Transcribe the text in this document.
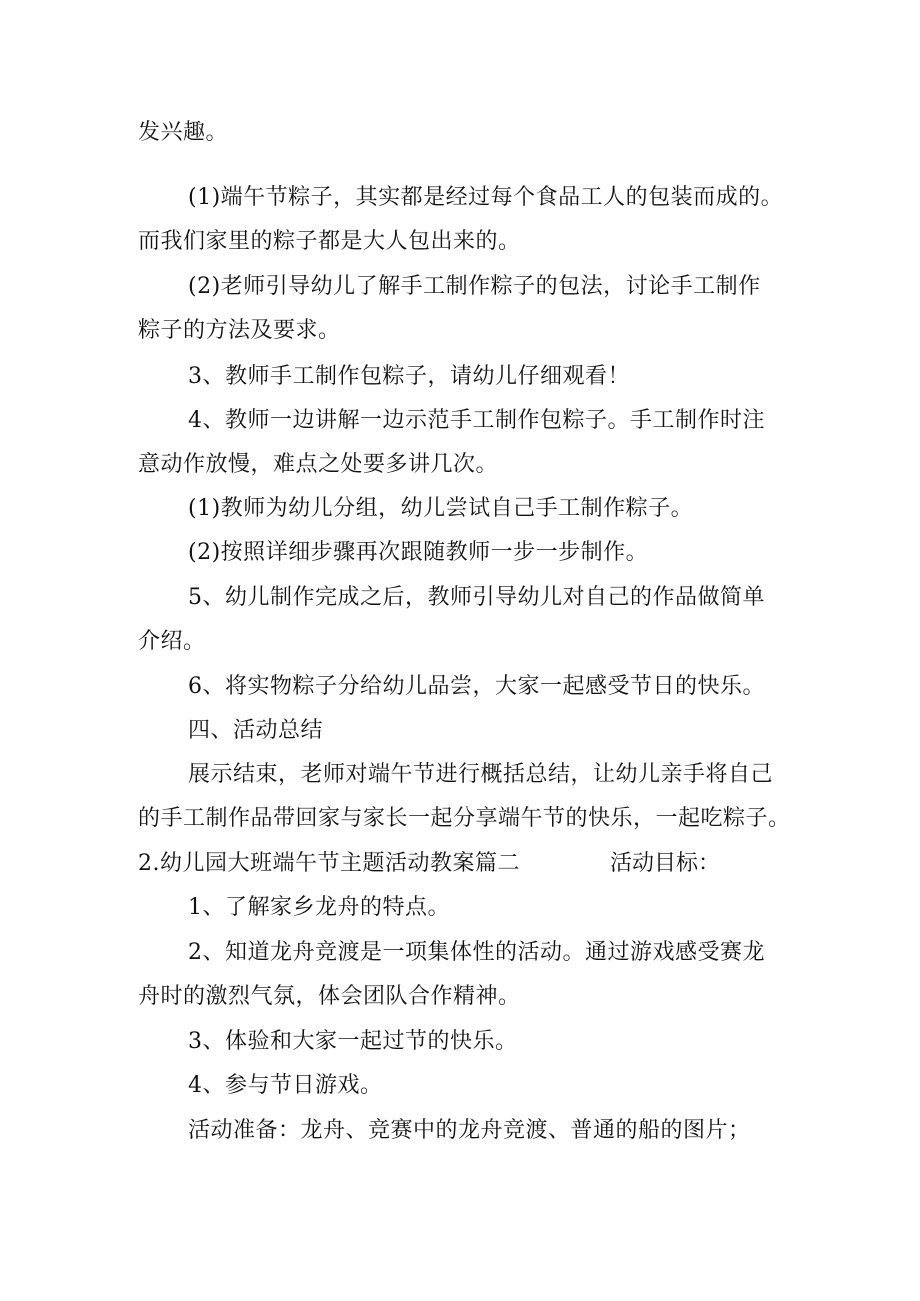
发兴趣。
(1)端午节粽子，其实都是经过每个食品工人的包装而成的。
而我们家里的粽子都是大人包出来的。
(2)老师引导幼儿了解手工制作粽子的包法，讨论手工制作
粽子的方法及要求。
3、教师手工制作包粽子，请幼儿仔细观看！
4、教师一边讲解一边示范手工制作包粽子。手工制作时注
意动作放慢，难点之处要多讲几次。
(1)教师为幼儿分组，幼儿尝试自己手工制作粽子。
(2)按照详细步骤再次跟随教师一步一步制作。
5、幼儿制作完成之后，教师引导幼儿对自己的作品做简单
介绍。
6、将实物粽子分给幼儿品尝，大家一起感受节日的快乐。
四、活动总结
展示结束，老师对端午节进行概括总结，让幼儿亲手将自己
的手工制作品带回家与家长一起分享端午节的快乐，一起吃粽子。
2.幼儿园大班端午节主题活动教案篇二	活动目标：
1、了解家乡龙舟的特点。
2、知道龙舟竞渡是一项集体性的活动。通过游戏感受赛龙
舟时的激烈气氛，体会团队合作精神。
3、体验和大家一起过节的快乐。
4、参与节日游戏。
活动准备：龙舟、竞赛中的龙舟竞渡、普通的船的图片；
